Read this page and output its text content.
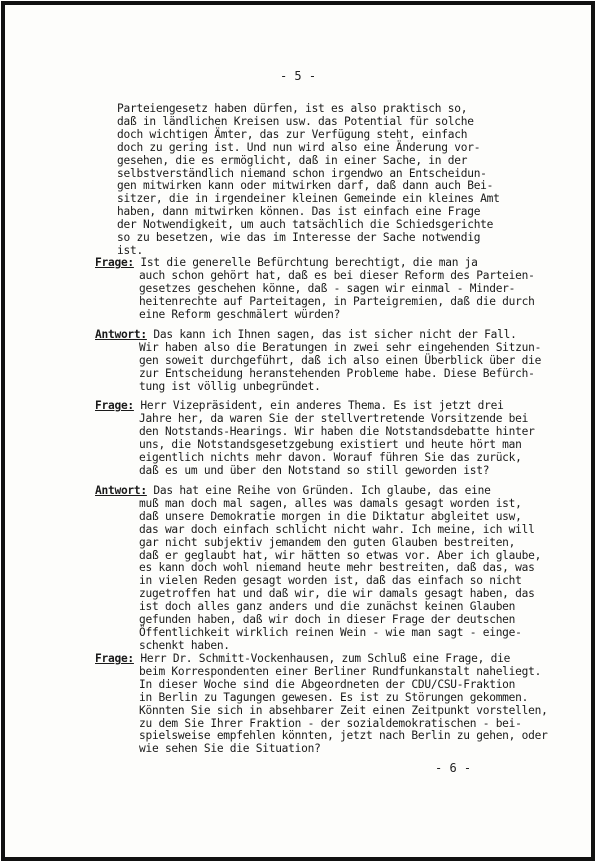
- 5 -
Parteiengesetz haben dürfen, ist es also praktisch so,
daß in ländlichen Kreisen usw. das Potential für solche
doch wichtigen Ämter, das zur Verfügung steht, einfach
doch zu gering ist. Und nun wird also eine Änderung vor-
gesehen, die es ermöglicht, daß in einer Sache, in der
selbstverständlich niemand schon irgendwo an Entscheidun-
gen mitwirken kann oder mitwirken darf, daß dann auch Bei-
sitzer, die in irgendeiner kleinen Gemeinde ein kleines Amt
haben, dann mitwirken können. Das ist einfach eine Frage
der Notwendigkeit, um auch tatsächlich die Schiedsgerichte
so zu besetzen, wie das im Interesse der Sache notwendig
ist.
Frage: Ist die generelle Befürchtung berechtigt, die man ja
auch schon gehört hat, daß es bei dieser Reform des Parteien-
gesetzes geschehen könne, daß - sagen wir einmal - Minder-
heitenrechte auf Parteitagen, in Parteigremien, daß die durch
eine Reform geschmälert würden?
Antwort: Das kann ich Ihnen sagen, das ist sicher nicht der Fall.
Wir haben also die Beratungen in zwei sehr eingehenden Sitzun-
gen soweit durchgeführt, daß ich also einen Überblick über die
zur Entscheidung heranstehenden Probleme habe. Diese Befürch-
tung ist völlig unbegründet.
Frage: Herr Vizepräsident, ein anderes Thema. Es ist jetzt drei
Jahre her, da waren Sie der stellvertretende Vorsitzende bei
den Notstands-Hearings. Wir haben die Notstandsdebatte hinter
uns, die Notstandsgesetzgebung existiert und heute hört man
eigentlich nichts mehr davon. Worauf führen Sie das zurück,
daß es um und über den Notstand so still geworden ist?
Antwort: Das hat eine Reihe von Gründen. Ich glaube, das eine
muß man doch mal sagen, alles was damals gesagt worden ist,
daß unsere Demokratie morgen in die Diktatur abgleitet usw,
das war doch einfach schlicht nicht wahr. Ich meine, ich will
gar nicht subjektiv jemandem den guten Glauben bestreiten,
daß er geglaubt hat, wir hätten so etwas vor. Aber ich glaube,
es kann doch wohl niemand heute mehr bestreiten, daß das, was
in vielen Reden gesagt worden ist, daß das einfach so nicht
zugetroffen hat und daß wir, die wir damals gesagt haben, das
ist doch alles ganz anders und die zunächst keinen Glauben
gefunden haben, daß wir doch in dieser Frage der deutschen
Öffentlichkeit wirklich reinen Wein - wie man sagt - einge-
schenkt haben.
Frage: Herr Dr. Schmitt-Vockenhausen, zum Schluß eine Frage, die
beim Korrespondenten einer Berliner Rundfunkanstalt naheliegt.
In dieser Woche sind die Abgeordneten der CDU/CSU-Fraktion
in Berlin zu Tagungen gewesen. Es ist zu Störungen gekommen.
Könnten Sie sich in absehbarer Zeit einen Zeitpunkt vorstellen,
zu dem Sie Ihrer Fraktion - der sozialdemokratischen - bei-
spielsweise empfehlen könnten, jetzt nach Berlin zu gehen, oder
wie sehen Sie die Situation?
- 6 -
